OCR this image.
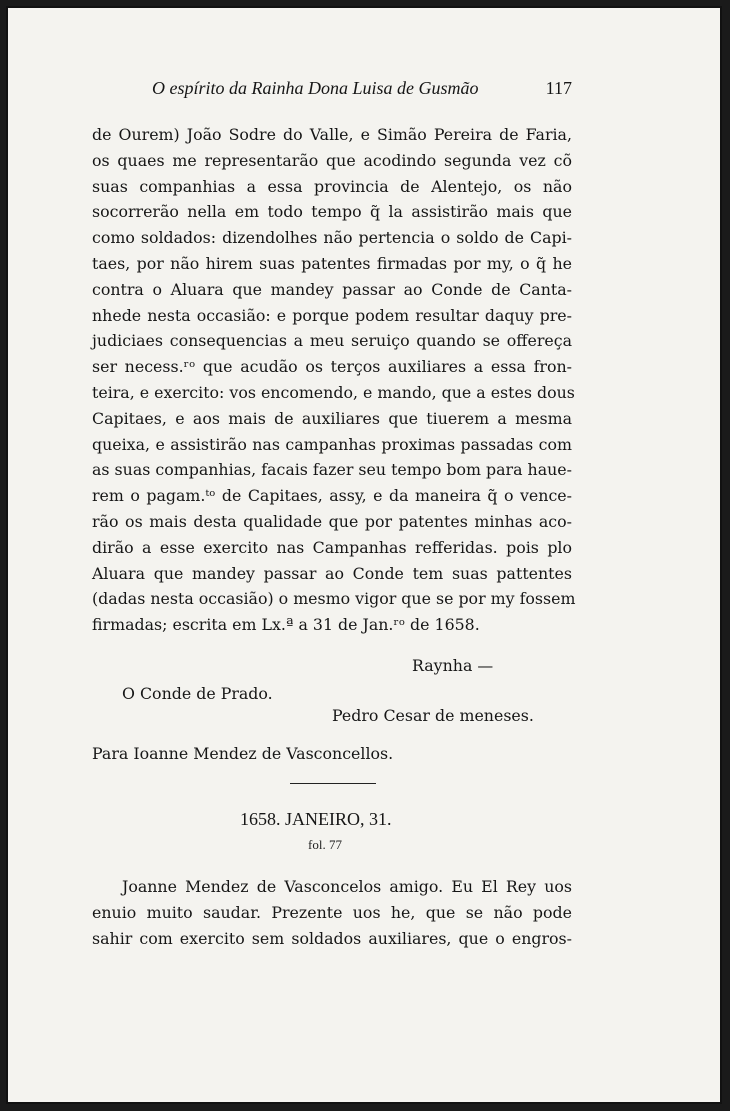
O espírito da Rainha Dona Luisa de Gusmão	117
de Ourem) João Sodre do Valle, e Simão Pereira de Faria,
os quaes me representarão que acodindo segunda vez cõ
suas companhias a essa provincia de Alentejo, os não
socorrerão nella em todo tempo q̃ la assistirão mais que
como soldados: dizendolhes não pertencia o soldo de Capi-
taes, por não hirem suas patentes firmadas por my, o q̃ he
contra o Aluara que mandey passar ao Conde de Canta-
nhede nesta occasião: e porque podem resultar daquy pre-
judiciaes consequencias a meu seruiço quando se offereça
ser necess.ʳᵒ que acudão os terços auxiliares a essa fron-
teira, e exercito: vos encomendo, e mando, que a estes dous
Capitaes, e aos mais de auxiliares que tiuerem a mesma
queixa, e assistirão nas campanhas proximas passadas com
as suas companhias, facais fazer seu tempo bom para haue-
rem o pagam.ᵗᵒ de Capitaes, assy, e da maneira q̃ o vence-
rão os mais desta qualidade que por patentes minhas aco-
dirão a esse exercito nas Campanhas refferidas. pois plo
Aluara que mandey passar ao Conde tem suas pattentes
(dadas nesta occasião) o mesmo vigor que se por my fossem
firmadas; escrita em Lx.ª a 31 de Jan.ʳᵒ de 1658.
Raynha —
O Conde de Prado.
Pedro Cesar de meneses.
Para Ioanne Mendez de Vasconcellos.
1658. JANEIRO, 31.
fol. 77
Joanne Mendez de Vasconcelos amigo. Eu El Rey uos
enuio muito saudar. Prezente uos he, que se não pode
sahir com exercito sem soldados auxiliares, que o engros-
